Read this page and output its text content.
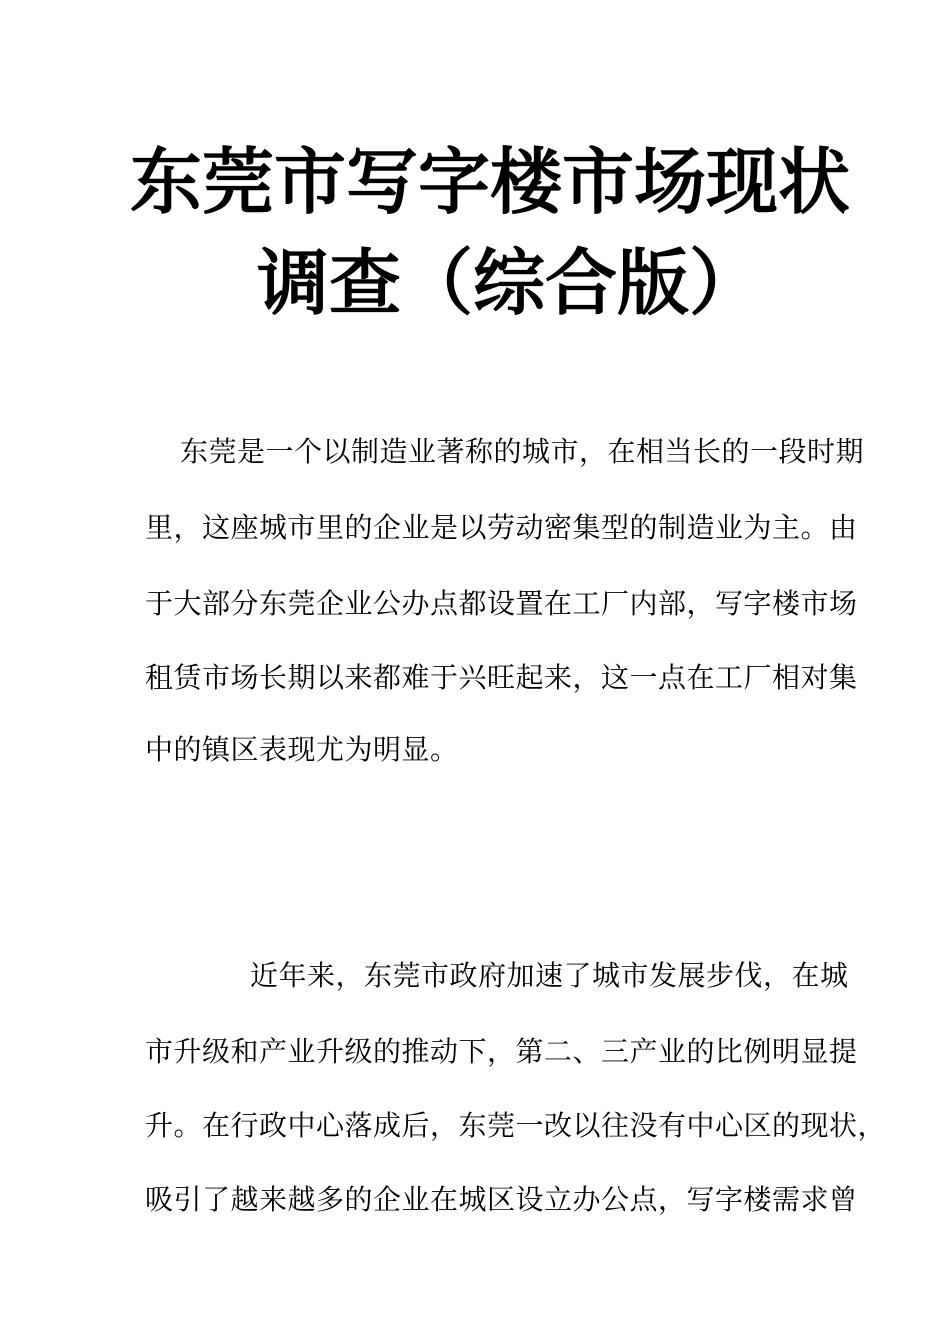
东莞市写字楼市场现状
调查（综合版）

东莞是一个以制造业著称的城市，在相当长的一段时期

里，这座城市里的企业是以劳动密集型的制造业为主。由

于大部分东莞企业公办点都设置在工厂内部，写字楼市场

租赁市场长期以来都难于兴旺起来，这一点在工厂相对集

中的镇区表现尤为明显。

近年来，东莞市政府加速了城市发展步伐，在城

市升级和产业升级的推动下，第二、三产业的比例明显提

升。在行政中心落成后，东莞一改以往没有中心区的现状，

吸引了越来越多的企业在城区设立办公点，写字楼需求曾
